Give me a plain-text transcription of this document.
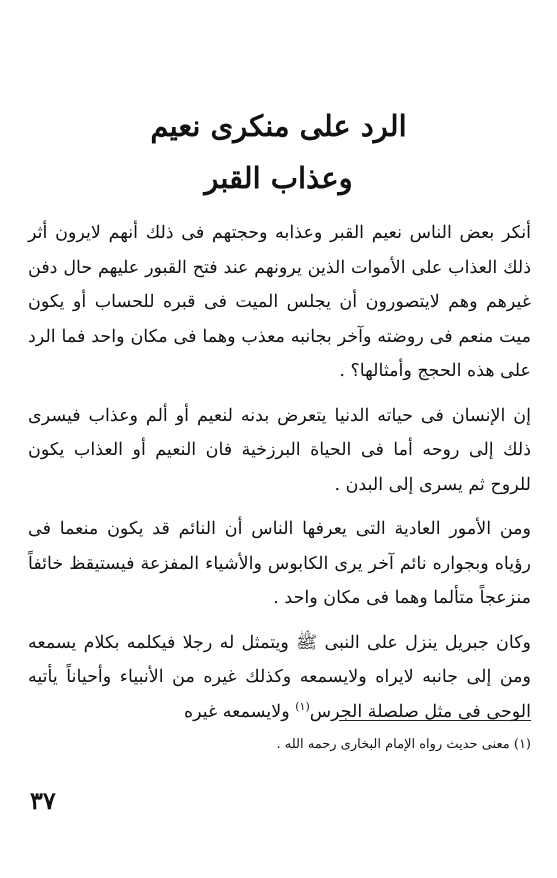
الرد على منكرى نعيم
وعذاب القبر

أنكر بعض الناس نعيم القبر وعذابه وحجتهم فى ذلك أنهم لايرون أثر ذلك العذاب على الأموات الذين يرونهم عند فتح القبور عليهم حال دفن غيرهم وهم لايتصورون أن يجلس الميت فى قبره للحساب أو يكون ميت منعم فى روضته وآخر بجانبه معذب وهما فى مكان واحد فما الرد على هذه الحجج وأمثالها؟ .

إن الإنسان فى حياته الدنيا يتعرض بدنه لنعيم أو ألم وعذاب فيسرى ذلك إلى روحه أما فى الحياة البرزخية فان النعيم أو العذاب يكون للروح ثم يسرى إلى البدن .

ومن الأمور العادية التى يعرفها الناس أن النائم قد يكون منعما فى رؤياه وبجواره نائم آخر يرى الكابوس والأشياء المفزعة فيستيقظ خائفاً منزعجاً متألما وهما فى مكان واحد .

وكان جبريل ينزل على النبى ﷺ ويتمثل له رجلا فيكلمه بكلام يسمعه ومن إلى جانبه لايراه ولايسمعه وكذلك غيره من الأنبياء وأحياناً يأتيه الوحى فى مثل صلصلة الجرس$^{(١)}$ ولايسمعه غيره

(١) معنى حديث رواه الإمام البخارى رحمه الله .
٣٧
